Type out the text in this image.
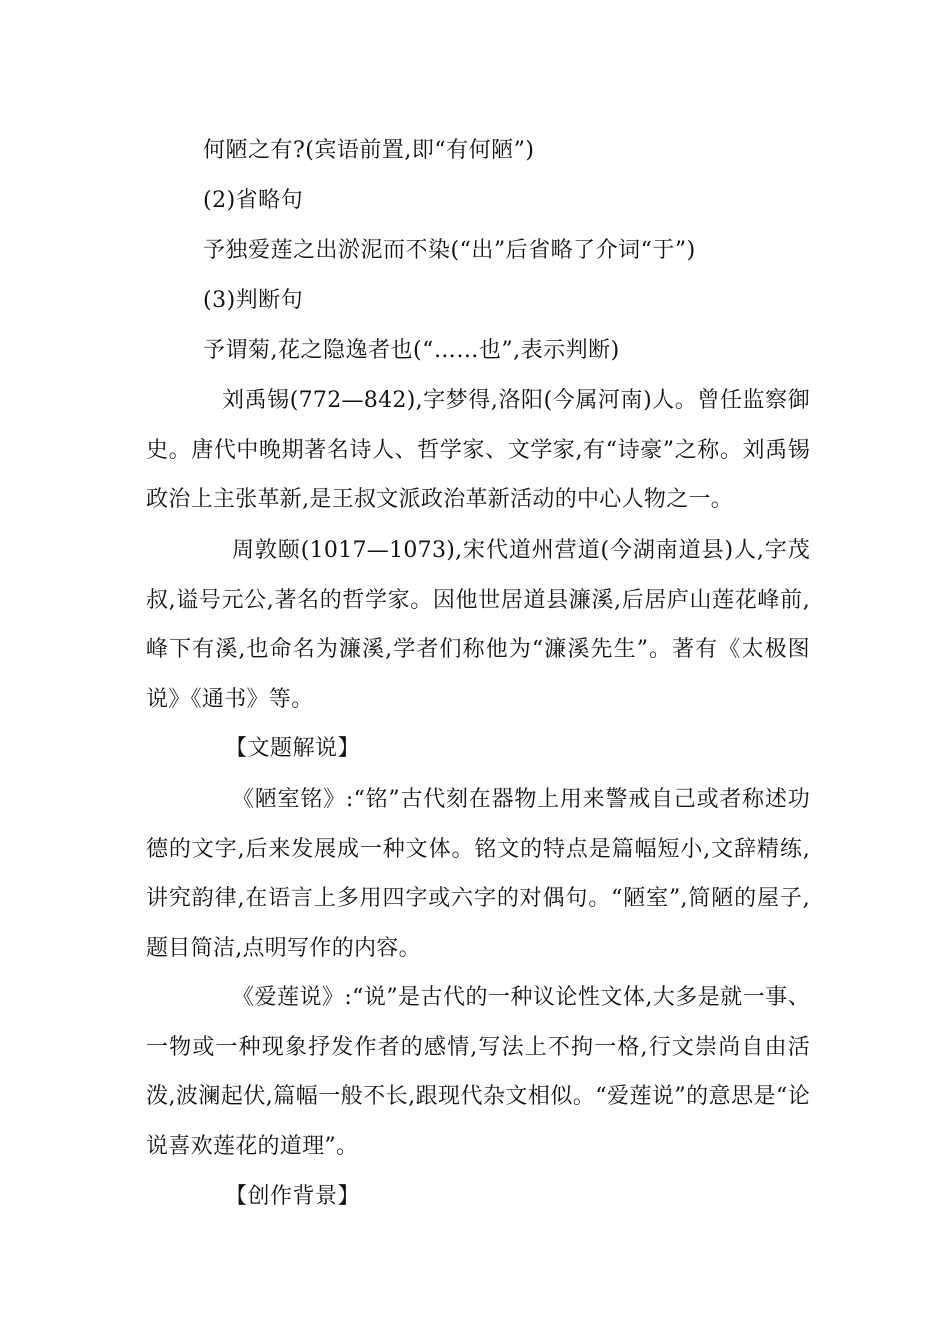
何陋之有?(宾语前置,即“有何陋”)
(2)省略句
予独爱莲之出淤泥而不染(“出”后省略了介词“于”)
(3)判断句
予谓菊,花之隐逸者也(“……也”,表示判断)
刘禹锡(772—842),字梦得,洛阳(今属河南)人。曾任监察御史。唐代中晚期著名诗人、哲学家、文学家,有“诗豪”之称。刘禹锡政治上主张革新,是王叔文派政治革新活动的中心人物之一。
周敦颐(1017—1073),宋代道州营道(今湖南道县)人,字茂叔,谥号元公,著名的哲学家。因他世居道县濂溪,后居庐山莲花峰前,峰下有溪,也命名为濂溪,学者们称他为“濂溪先生”。著有《太极图说》《通书》等。
【文题解说】
《陋室铭》:“铭”古代刻在器物上用来警戒自己或者称述功德的文字,后来发展成一种文体。铭文的特点是篇幅短小,文辞精练,讲究韵律,在语言上多用四字或六字的对偶句。“陋室”,简陋的屋子,题目简洁,点明写作的内容。
《爱莲说》:“说”是古代的一种议论性文体,大多是就一事、一物或一种现象抒发作者的感情,写法上不拘一格,行文崇尚自由活泼,波澜起伏,篇幅一般不长,跟现代杂文相似。“爱莲说”的意思是“论说喜欢莲花的道理”。
【创作背景】
